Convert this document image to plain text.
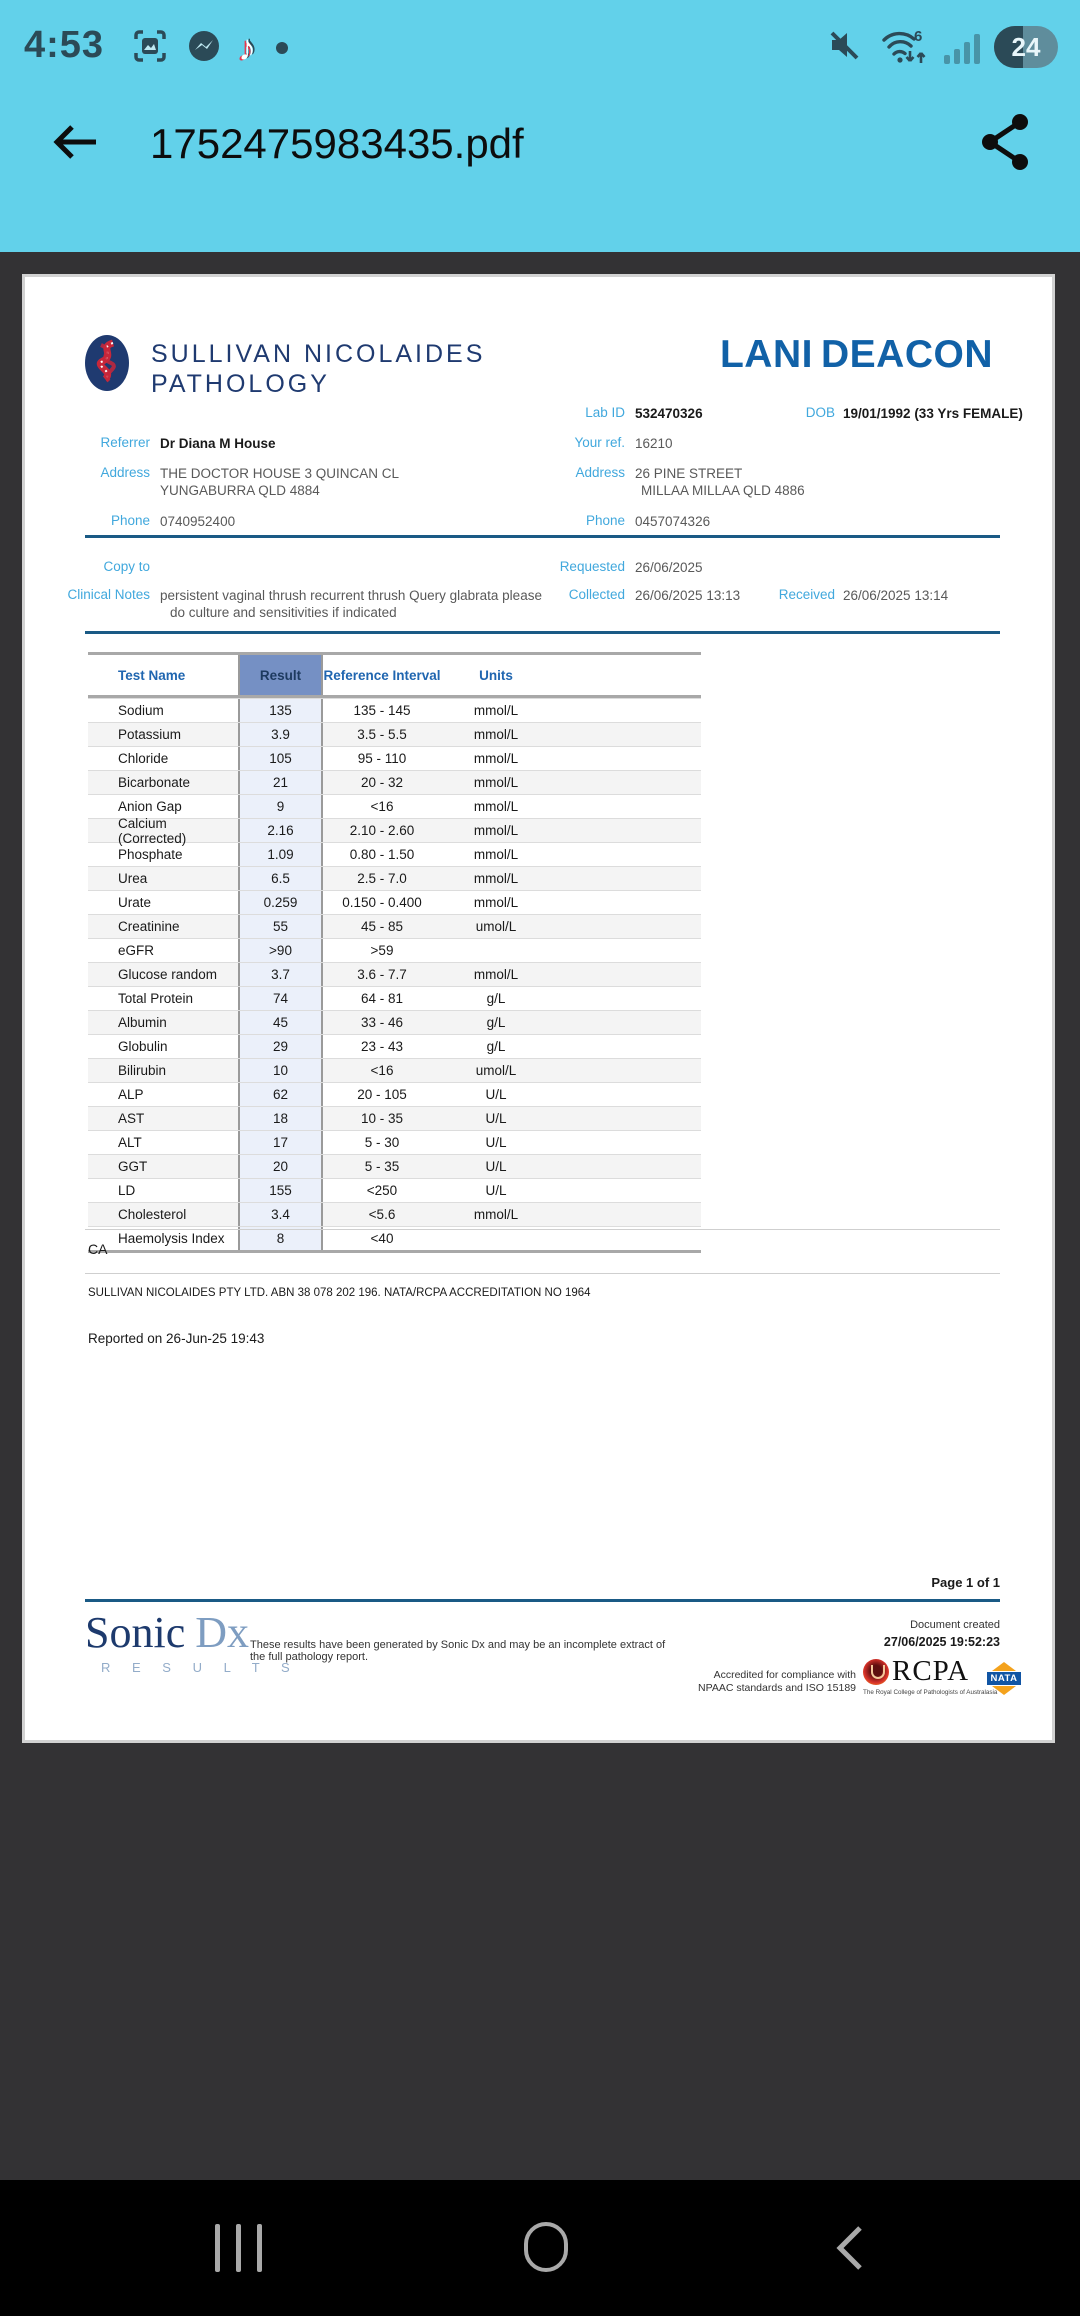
4:53	♪	6	24
1752475983435.pdf
SULLIVAN NICOLAIDES
PATHOLOGY
LANI DEACON
Lab ID 532470326	DOB 19/01/1992 (33 Yrs FEMALE)
Referrer Dr Diana M House	Your ref. 16210
Address THE DOCTOR HOUSE 3 QUINCAN CL
YUNGABURRA QLD 4884
Address 26 PINE STREET
MILLAA MILLAA QLD 4886
Phone 0740952400	Phone 0457074326
Copy to	Requested 26/06/2025
Clinical Notes persistent vaginal thrush recurrent thrush Query glabrata please
do culture and sensitivities if indicated
Collected 26/06/2025 13:13	Received 26/06/2025 13:14
Test Name	Result	Reference Interval	Units
Sodium	135	135 - 145	mmol/L
Potassium	3.9	3.5 - 5.5	mmol/L
Chloride	105	95 - 110	mmol/L
Bicarbonate	21	20 - 32	mmol/L
Anion Gap	9	<16	mmol/L
Calcium (Corrected)	2.16	2.10 - 2.60	mmol/L
Phosphate	1.09	0.80 - 1.50	mmol/L
Urea	6.5	2.5 - 7.0	mmol/L
Urate	0.259	0.150 - 0.400	mmol/L
Creatinine	55	45 - 85	umol/L
eGFR	>90	>59
Glucose random	3.7	3.6 - 7.7	mmol/L
Total Protein	74	64 - 81	g/L
Albumin	45	33 - 46	g/L
Globulin	29	23 - 43	g/L
Bilirubin	10	<16	umol/L
ALP	62	20 - 105	U/L
AST	18	10 - 35	U/L
ALT	17	5 - 30	U/L
GGT	20	5 - 35	U/L
LD	155	<250	U/L
Cholesterol	3.4	<5.6	mmol/L
Haemolysis Index	8	<40
CA
SULLIVAN NICOLAIDES PTY LTD. ABN 38 078 202 196. NATA/RCPA ACCREDITATION NO 1964
Reported on 26-Jun-25 19:43
Page 1 of 1
Sonic Dx
R E S U L T S
These results have been generated by Sonic Dx and may be an incomplete extract of the full pathology report.
Document created
27/06/2025 19:52:23
Accredited for compliance with
NPAAC standards and ISO 15189
RCPA
The Royal College of Pathologists of Australasia
NATA
